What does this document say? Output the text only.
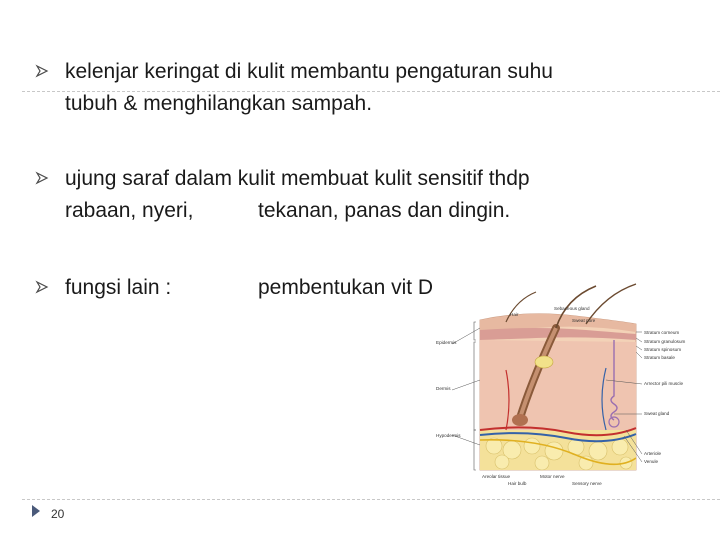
kelenjar keringat di kulit membantu pengaturan suhu
tubuh & menghilangkan sampah.
ujung saraf dalam kulit membuat kulit sensitif thdp
rabaan, nyeri,	tekanan, panas dan dingin.
fungsi lain :	pembentukan vit D
Hair
Sebaceous gland
Sweat pore
Epidermis
Dermis
Hypodermis
Stratum corneum
Stratum granulosum
Stratum spinosum
Stratum basale
Arrector pili muscle
Sweat gland
Arteriole
Venule
Areolar tissue
Hair bulb
Motor nerve
Sensory nerve
20
